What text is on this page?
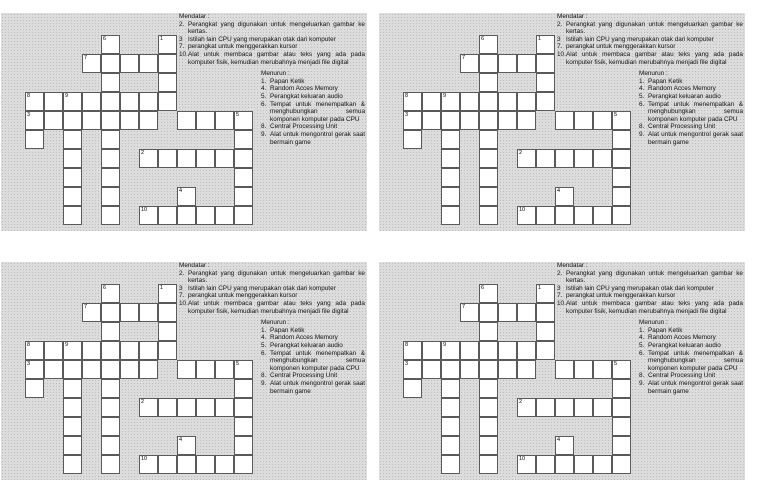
6	1
7
8	9
3	5
2
4
10
Mendatar :
2. Perangkat yang digunakan untuk mengeluarkan gambar ke kertas.
3 Istilah lain CPU yang merupakan otak dari komputer
7. perangkat untuk menggerakkan kursor
10. Alat untuk membaca gambar atau teks yang ada pada komputer fisik, kemudian merubahnya menjadi file digital
Menurun :
1. Papan Ketik
4. Random Acces Memory
5. Perangkat keluaran audio
6. Tempat untuk menempatkan & menghubungkan semua komponen komputer pada CPU
8. Central Processing Unit
9. Alat untuk mengontrol gerak saat bermain game
6	1
7
8	9
3	5
2
4
10
Mendatar :
2. Perangkat yang digunakan untuk mengeluarkan gambar ke kertas.
3 Istilah lain CPU yang merupakan otak dari komputer
7. perangkat untuk menggerakkan kursor
10. Alat untuk membaca gambar atau teks yang ada pada komputer fisik, kemudian merubahnya menjadi file digital
Menurun :
1. Papan Ketik
4. Random Acces Memory
5. Perangkat keluaran audio
6. Tempat untuk menempatkan & menghubungkan semua komponen komputer pada CPU
8. Central Processing Unit
9. Alat untuk mengontrol gerak saat bermain game
6	1
7
8	9
3	5
2
4
10
Mendatar :
2. Perangkat yang digunakan untuk mengeluarkan gambar ke kertas.
3 Istilah lain CPU yang merupakan otak dari komputer
7. perangkat untuk menggerakkan kursor
10. Alat untuk membaca gambar atau teks yang ada pada komputer fisik, kemudian merubahnya menjadi file digital
Menurun :
1. Papan Ketik
4. Random Acces Memory
5. Perangkat keluaran audio
6. Tempat untuk menempatkan & menghubungkan semua komponen komputer pada CPU
8. Central Processing Unit
9. Alat untuk mengontrol gerak saat bermain game
6	1
7
8	9
3	5
2
4
10
Mendatar :
2. Perangkat yang digunakan untuk mengeluarkan gambar ke kertas.
3 Istilah lain CPU yang merupakan otak dari komputer
7. perangkat untuk menggerakkan kursor
10. Alat untuk membaca gambar atau teks yang ada pada komputer fisik, kemudian merubahnya menjadi file digital
Menurun :
1. Papan Ketik
4. Random Acces Memory
5. Perangkat keluaran audio
6. Tempat untuk menempatkan & menghubungkan semua komponen komputer pada CPU
8. Central Processing Unit
9. Alat untuk mengontrol gerak saat bermain game
